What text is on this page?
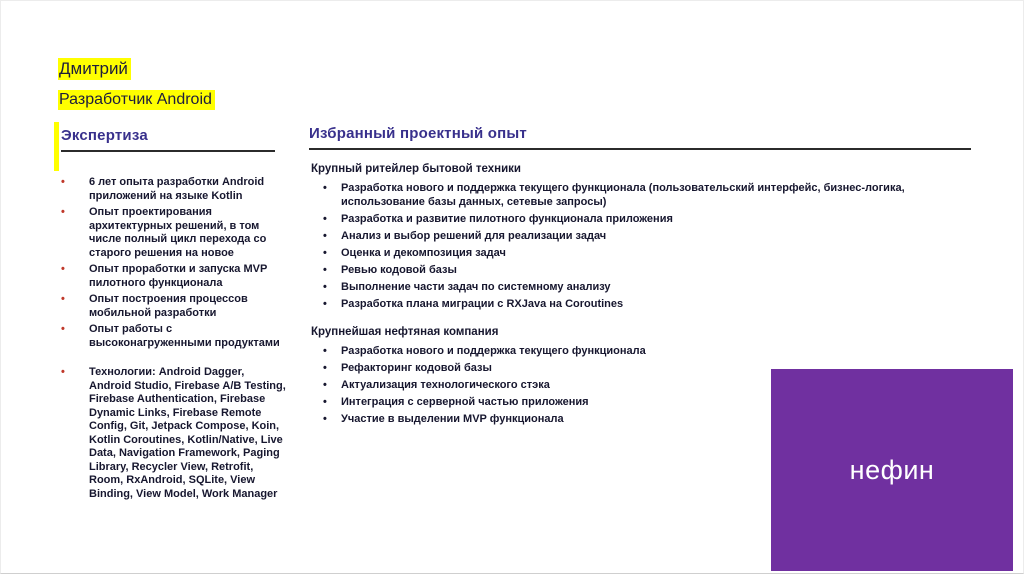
Дмитрий
Разработчик Android
Экспертиза
• 6 лет опыта разработки Android приложений на языке Kotlin
• Опыт проектирования архитектурных решений, в том числе полный цикл перехода со старого решения на новое
• Опыт проработки и запуска MVP пилотного функционала
• Опыт построения процессов мобильной разработки
• Опыт работы с высоконагруженными продуктами
• Технологии: Android Dagger, Android Studio, Firebase A/B Testing, Firebase Authentication, Firebase Dynamic Links, Firebase Remote Config, Git, Jetpack Compose, Koin, Kotlin Coroutines, Kotlin/Native, Live Data, Navigation Framework, Paging Library, Recycler View, Retrofit, Room, RxAndroid, SQLite, View Binding, View Model, Work Manager
Избранный проектный опыт
Крупный ритейлер бытовой техники
• Разработка нового и поддержка текущего функционала (пользовательский интерфейс, бизнес-логика, использование базы данных, сетевые запросы)
• Разработка и развитие пилотного функционала приложения
• Анализ и выбор решений для реализации задач
• Оценка и декомпозиция задач
• Ревью кодовой базы
• Выполнение части задач по системному анализу
• Разработка плана миграции с RXJava на Coroutines
Крупнейшая нефтяная компания
• Разработка нового и поддержка текущего функционала
• Рефакторинг кодовой базы
• Актуализация технологического стэка
• Интеграция с серверной частью приложения
• Участие в выделении MVP функционала
нефин
